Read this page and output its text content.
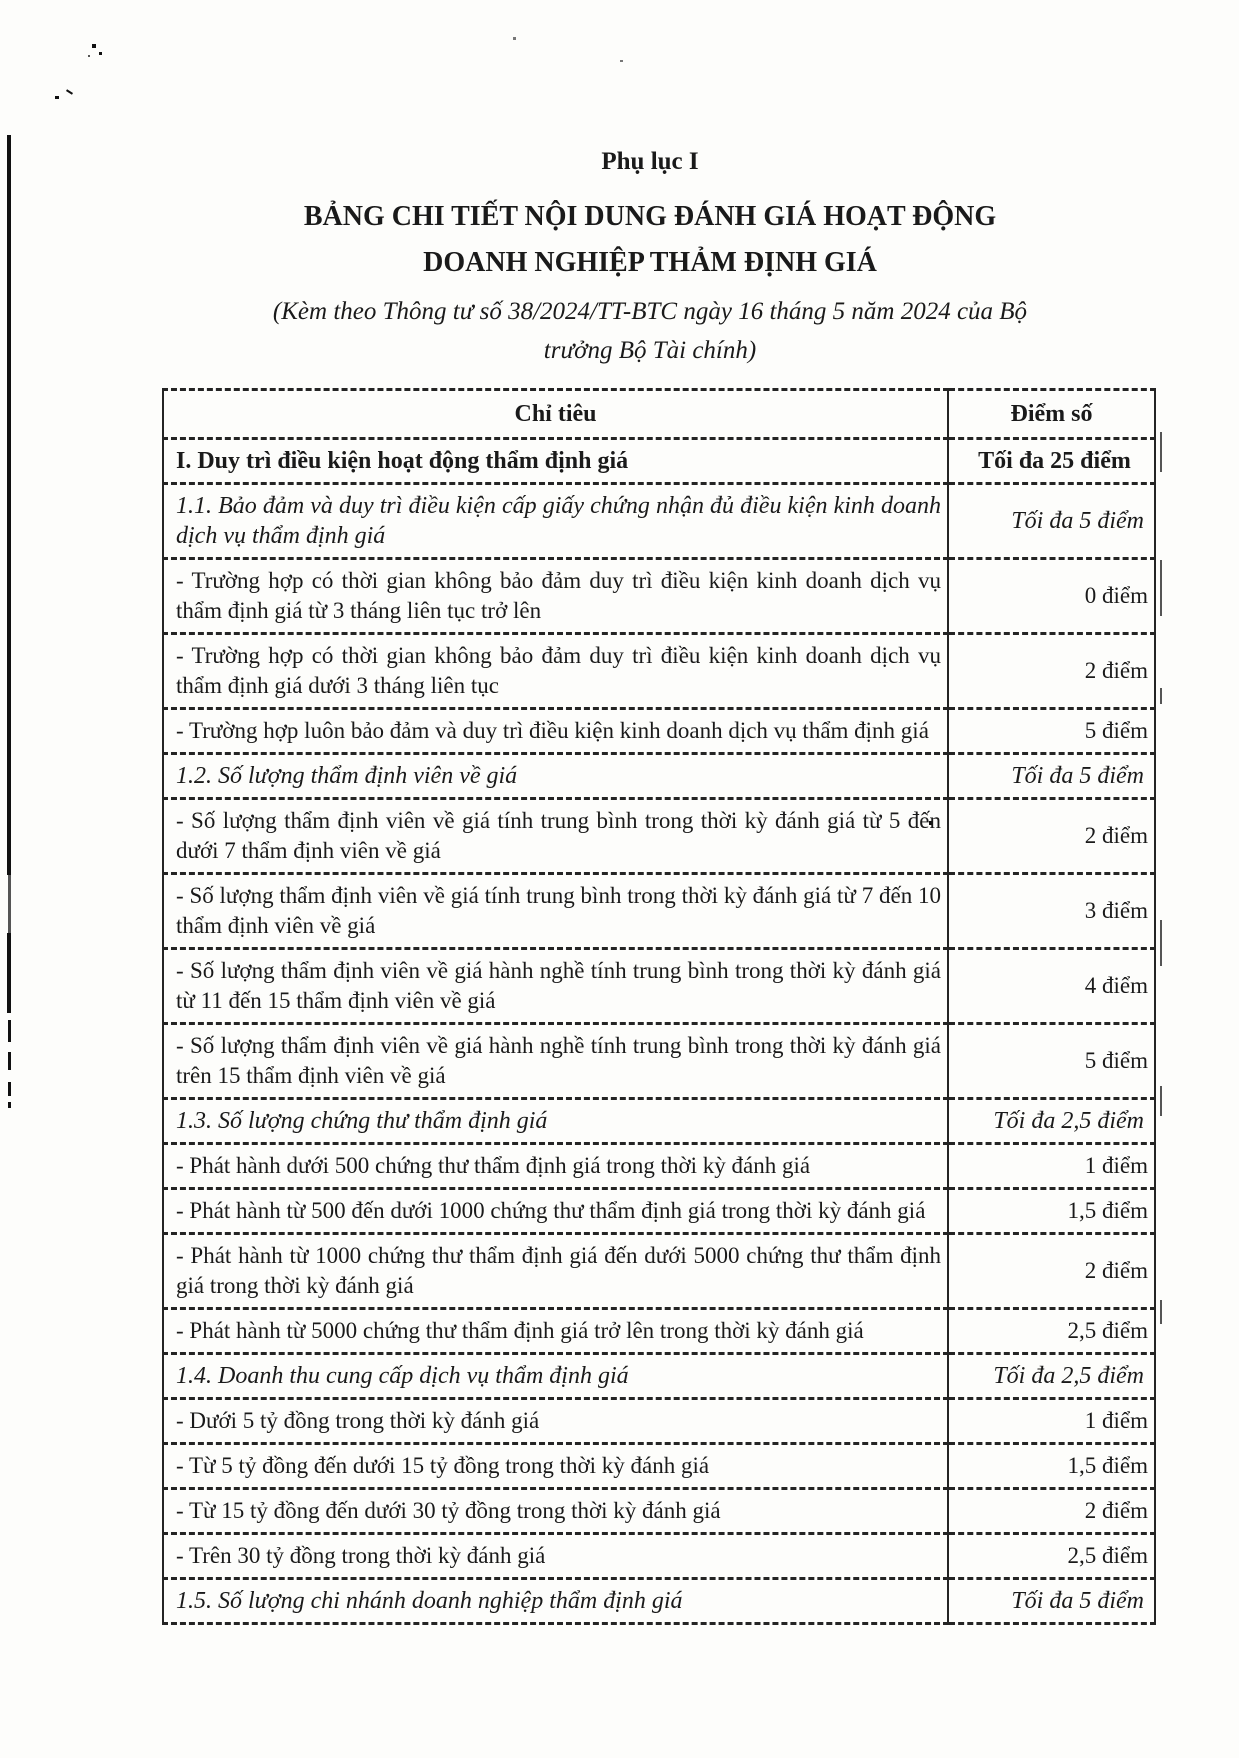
Phụ lục I

BẢNG CHI TIẾT NỘI DUNG ĐÁNH GIÁ HOẠT ĐỘNG
DOANH NGHIỆP THẢM ĐỊNH GIÁ

(Kèm theo Thông tư số 38/2024/TT-BTC ngày 16 tháng 5 năm 2024 của Bộ
trưởng Bộ Tài chính)

Chỉ tiêu	Điểm số
I. Duy trì điều kiện hoạt động thẩm định giá	Tối đa 25 điểm
1.1. Bảo đảm và duy trì điều kiện cấp giấy chứng nhận đủ điều kiện kinh doanh dịch vụ thẩm định giá	Tối đa 5 điểm
- Trường hợp có thời gian không bảo đảm duy trì điều kiện kinh doanh dịch vụ thẩm định giá từ 3 tháng liên tục trở lên	0 điểm
- Trường hợp có thời gian không bảo đảm duy trì điều kiện kinh doanh dịch vụ thẩm định giá dưới 3 tháng liên tục	2 điểm
- Trường hợp luôn bảo đảm và duy trì điều kiện kinh doanh dịch vụ thẩm định giá	5 điểm
1.2. Số lượng thẩm định viên về giá	Tối đa 5 điểm
- Số lượng thẩm định viên về giá tính trung bình trong thời kỳ đánh giá từ 5 đến dưới 7 thẩm định viên về giá	2 điểm
- Số lượng thẩm định viên về giá tính trung bình trong thời kỳ đánh giá từ 7 đến 10 thẩm định viên về giá	3 điểm
- Số lượng thẩm định viên về giá hành nghề tính trung bình trong thời kỳ đánh giá từ 11 đến 15 thẩm định viên về giá	4 điểm
- Số lượng thẩm định viên về giá hành nghề tính trung bình trong thời kỳ đánh giá trên 15 thẩm định viên về giá	5 điểm
1.3. Số lượng chứng thư thẩm định giá	Tối đa 2,5 điểm
- Phát hành dưới 500 chứng thư thẩm định giá trong thời kỳ đánh giá	1 điểm
- Phát hành từ 500 đến dưới 1000 chứng thư thẩm định giá trong thời kỳ đánh giá	1,5 điểm
- Phát hành từ 1000 chứng thư thẩm định giá đến dưới 5000 chứng thư thẩm định giá trong thời kỳ đánh giá	2 điểm
- Phát hành từ 5000 chứng thư thẩm định giá trở lên trong thời kỳ đánh giá	2,5 điểm
1.4. Doanh thu cung cấp dịch vụ thẩm định giá	Tối đa 2,5 điểm
- Dưới 5 tỷ đồng trong thời kỳ đánh giá	1 điểm
- Từ 5 tỷ đồng đến dưới 15 tỷ đồng trong thời kỳ đánh giá	1,5 điểm
- Từ 15 tỷ đồng đến dưới 30 tỷ đồng trong thời kỳ đánh giá	2 điểm
- Trên 30 tỷ đồng trong thời kỳ đánh giá	2,5 điểm
1.5. Số lượng chi nhánh doanh nghiệp thẩm định giá	Tối đa 5 điểm
